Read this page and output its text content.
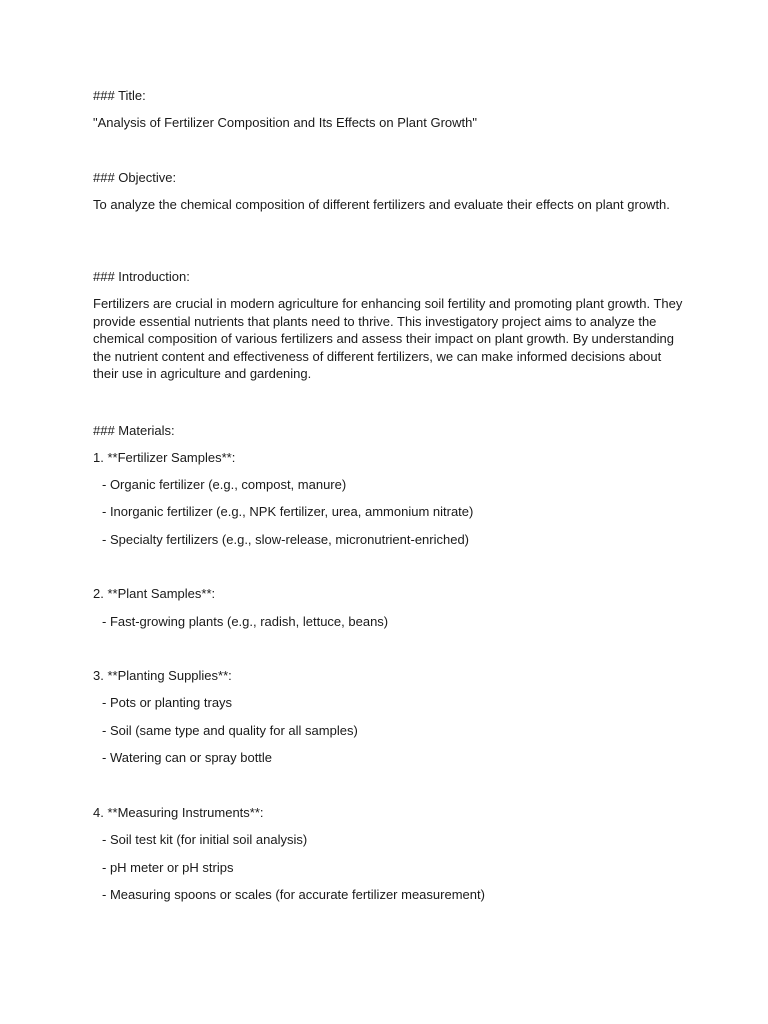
### Title:

"Analysis of Fertilizer Composition and Its Effects on Plant Growth"

### Objective:

To analyze the chemical composition of different fertilizers and evaluate their effects on plant growth.

### Introduction:

Fertilizers are crucial in modern agriculture for enhancing soil fertility and promoting plant growth. They provide essential nutrients that plants need to thrive. This investigatory project aims to analyze the chemical composition of various fertilizers and assess their impact on plant growth. By understanding the nutrient content and effectiveness of different fertilizers, we can make informed decisions about their use in agriculture and gardening.

### Materials:

1. **Fertilizer Samples**:

- Organic fertilizer (e.g., compost, manure)

- Inorganic fertilizer (e.g., NPK fertilizer, urea, ammonium nitrate)

- Specialty fertilizers (e.g., slow-release, micronutrient-enriched)

2. **Plant Samples**:

- Fast-growing plants (e.g., radish, lettuce, beans)

3. **Planting Supplies**:

- Pots or planting trays

- Soil (same type and quality for all samples)

- Watering can or spray bottle

4. **Measuring Instruments**:

- Soil test kit (for initial soil analysis)

- pH meter or pH strips

- Measuring spoons or scales (for accurate fertilizer measurement)
